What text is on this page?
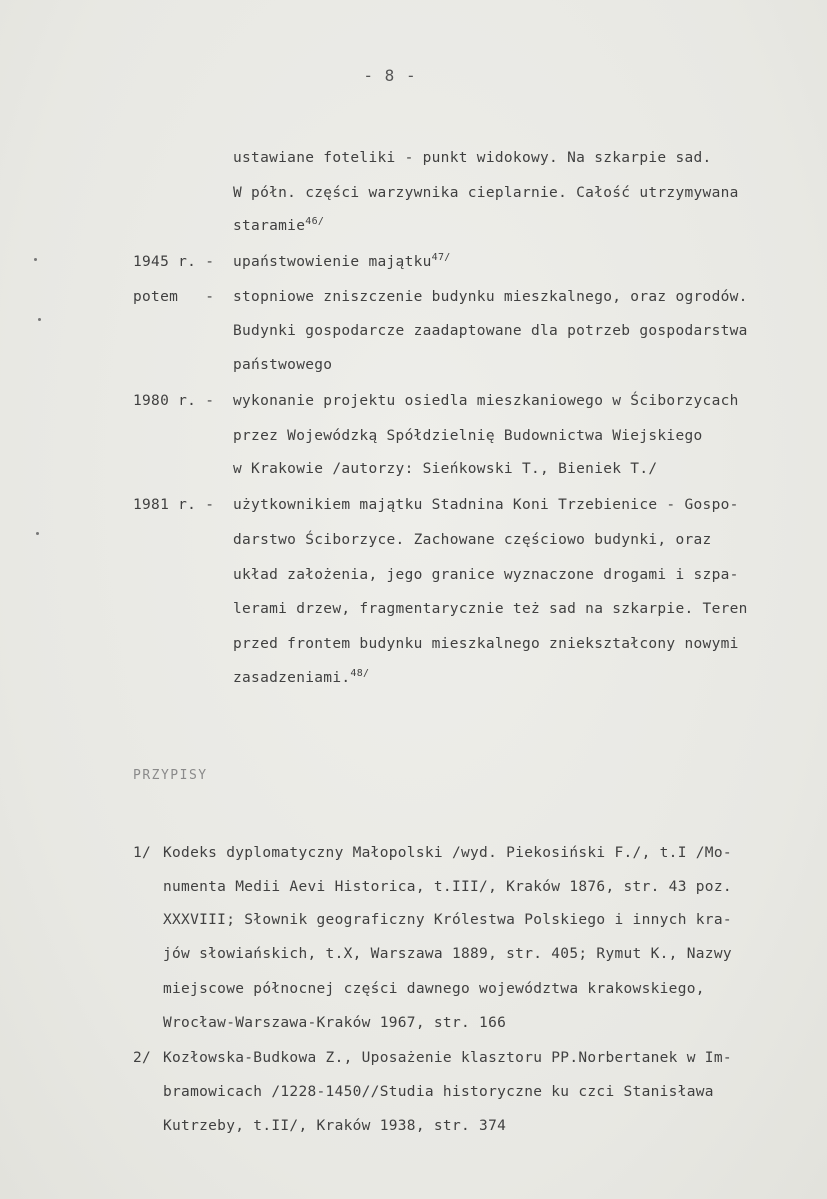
- 8 -
ustawiane foteliki - punkt widokowy. Na szkarpie sad.
W półn. części warzywnika cieplarnie. Całość utrzymywana
staramie$^{46/}$
1945 r. - upaństwowienie majątku$^{47/}$
potem   - stopniowe zniszczenie budynku mieszkalnego, oraz ogrodów.
Budynki gospodarcze zaadaptowane dla potrzeb gospodarstwa
państwowego
1980 r. - wykonanie projektu osiedla mieszkaniowego w Ściborzycach
przez Wojewódzką Spółdzielnię Budownictwa Wiejskiego
w Krakowie /autorzy: Sieńkowski T., Bieniek T./
1981 r. - użytkownikiem majątku Stadnina Koni Trzebienice - Gospo-
darstwo Ściborzyce. Zachowane częściowo budynki, oraz
układ założenia, jego granice wyznaczone drogami i szpa-
lerami drzew, fragmentarycznie też sad na szkarpie. Teren
przed frontem budynku mieszkalnego zniekształcony nowymi
zasadzeniami.$^{48/}$
PRZYPISY
1/ Kodeks dyplomatyczny Małopolski /wyd. Piekosiński F./, t.I /Mo-
numenta Medii Aevi Historica, t.III/, Kraków 1876, str. 43 poz.
XXXVIII; Słownik geograficzny Królestwa Polskiego i innych kra-
jów słowiańskich, t.X, Warszawa 1889, str. 405; Rymut K., Nazwy
miejscowe północnej części dawnego województwa krakowskiego,
Wrocław-Warszawa-Kraków 1967, str. 166
2/ Kozłowska-Budkowa Z., Uposażenie klasztoru PP.Norbertanek w Im-
bramowicach /1228-1450//Studia historyczne ku czci Stanisława
Kutrzeby, t.II/, Kraków 1938, str. 374
